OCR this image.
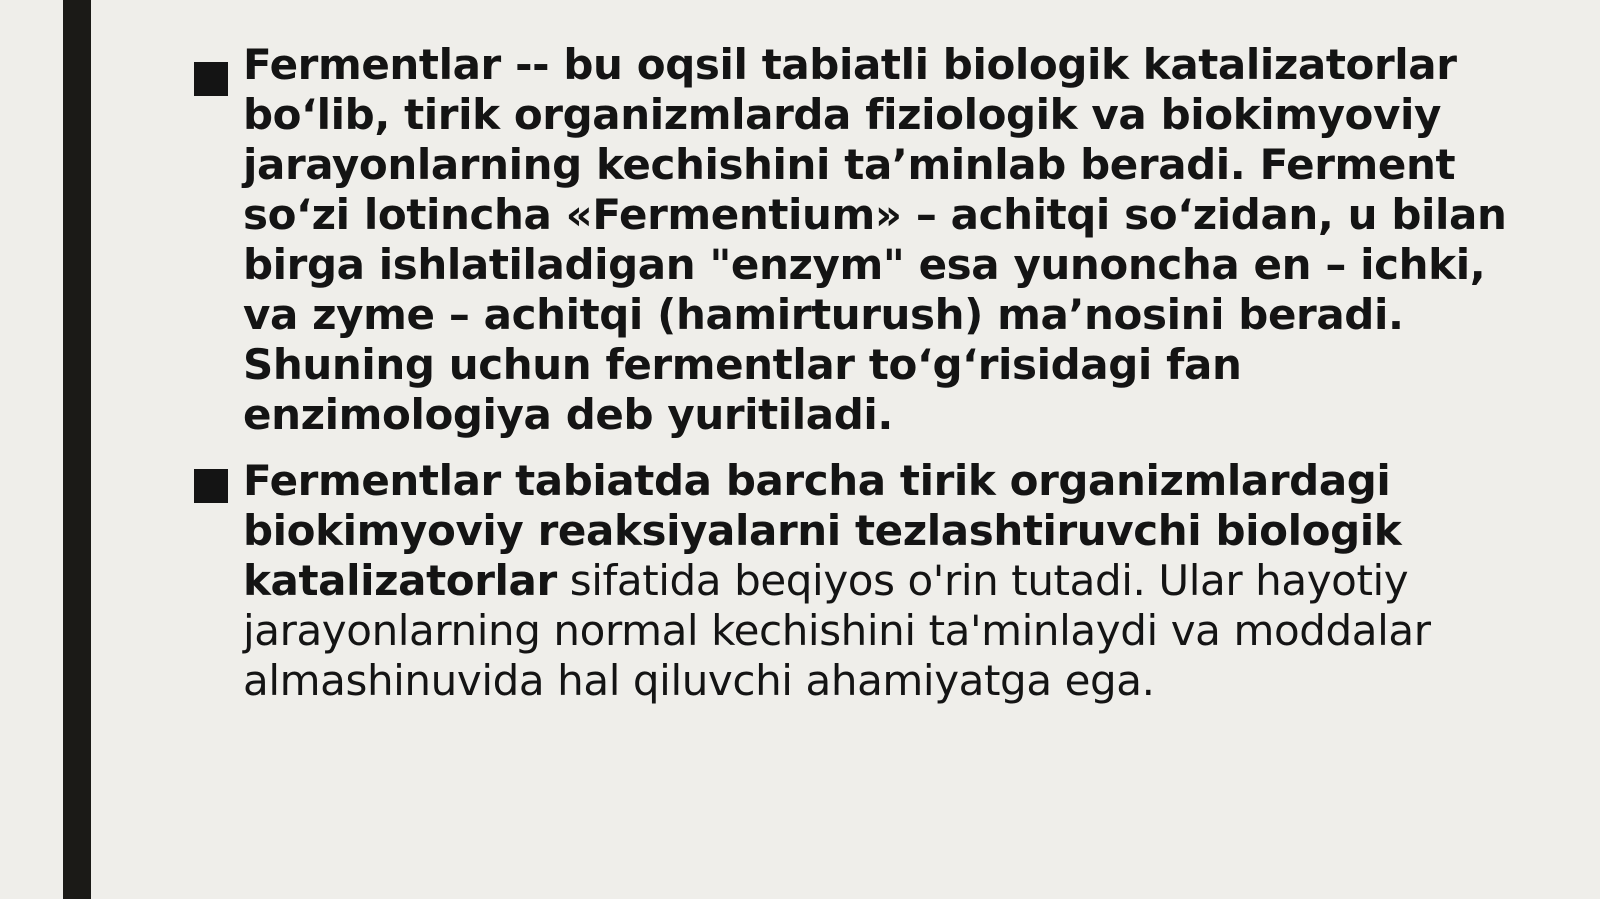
Fermentlar -- bu oqsil tabiatli biologik katalizatorlar bo‘lib, tirik organizmlarda fiziologik va biokimyoviy jarayonlarning kechishini ta’minlab beradi. Ferment so‘zi lotincha «Fermentium» – achitqi so‘zidan, u bilan birga ishlatiladigan "enzym" esa yunoncha en – ichki, va zyme – achitqi (hamirturush) ma’nosini beradi. Shuning uchun fermentlar to‘g‘risidagi fan enzimologiya deb yuritiladi.
Fermentlar tabiatda barcha tirik organizmlardagi biokimyoviy reaksiyalarni tezlashtiruvchi biologik katalizatorlar sifatida beqiyos o'rin tutadi. Ular hayotiy jarayonlarning normal kechishini ta'minlaydi va moddalar almashinuvida hal qiluvchi ahamiyatga ega.
